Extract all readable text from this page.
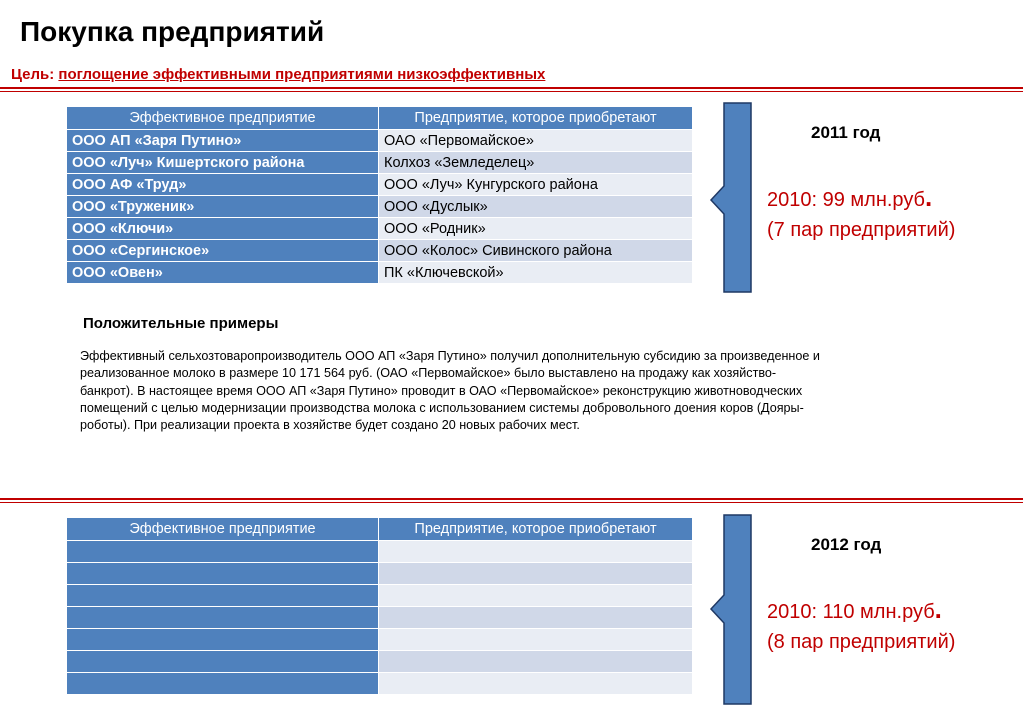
Покупка предприятий
Цель: поглощение эффективными предприятиями низкоэффективных
Эффективное предприятие	Предприятие, которое приобретают
ООО АП «Заря Путино»	ОАО «Первомайское»
ООО «Луч» Кишертского района	Колхоз «Земледелец»
ООО АФ «Труд»	ООО «Луч» Кунгурского района
ООО «Труженик»	ООО «Дуслык»
ООО «Ключи»	ООО «Родник»
ООО «Сергинское»	ООО «Колос» Сивинского района
ООО «Овен»	ПК «Ключевской»
2011 год
2010: 99 млн.руб.
(7 пар предприятий)
Положительные примеры
Эффективный сельхозтоваропроизводитель ООО АП «Заря Путино» получил дополнительную субсидию за произведенное и реализованное молоко в размере 10 171 564 руб. (ОАО «Первомайское» было выставлено на продажу как хозяйство-банкрот). В настоящее время ООО АП «Заря Путино» проводит в ОАО «Первомайское» реконструкцию животноводческих помещений с целью модернизации производства молока с использованием системы добровольного доения коров (Дояры-роботы). При реализации проекта в хозяйстве будет создано 20 новых рабочих мест.
Эффективное предприятие	Предприятие, которое приобретают

2012 год
2010: 110 млн.руб.
(8 пар предприятий)
